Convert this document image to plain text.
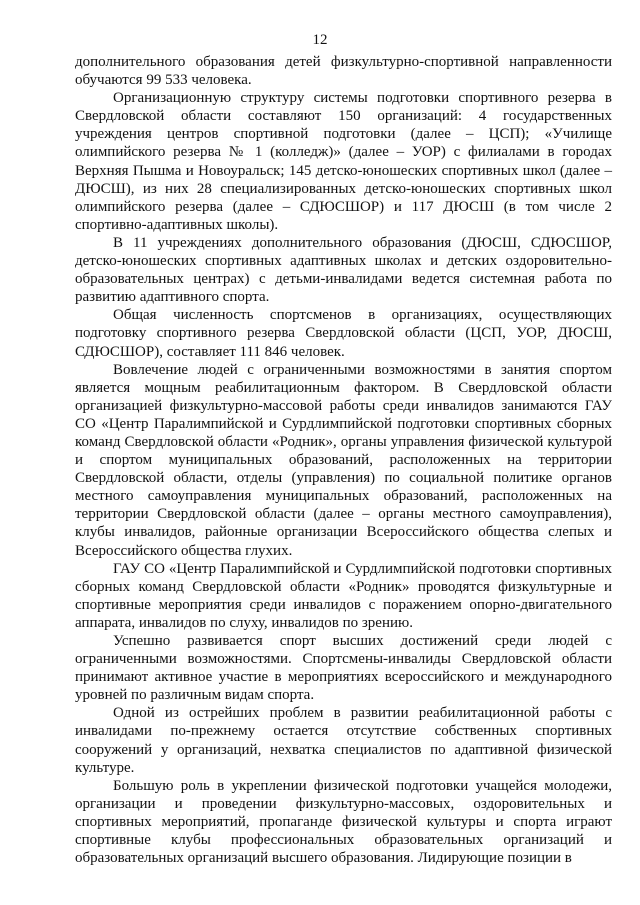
12

дополнительного образования детей физкультурно-спортивной направленности обучаются 99 533 человека.

Организационную структуру системы подготовки спортивного резерва в Свердловской области составляют 150 организаций: 4 государственных учреждения центров спортивной подготовки (далее – ЦСП); «Училище олимпийского резерва № 1 (колледж)» (далее – УОР) с филиалами в городах Верхняя Пышма и Новоуральск; 145 детско-юношеских спортивных школ (далее – ДЮСШ), из них 28 специализированных детско-юношеских спортивных школ олимпийского резерва (далее – СДЮСШОР) и 117 ДЮСШ (в том числе 2 спортивно-адаптивных школы).

В 11 учреждениях дополнительного образования (ДЮСШ, СДЮСШОР, детско-юношеских спортивных адаптивных школах и детских оздоровительно-образовательных центрах) с детьми-инвалидами ведется системная работа по развитию адаптивного спорта.

Общая численность спортсменов в организациях, осуществляющих подготовку спортивного резерва Свердловской области (ЦСП, УОР, ДЮСШ, СДЮСШОР), составляет 111 846 человек.

Вовлечение людей с ограниченными возможностями в занятия спортом является мощным реабилитационным фактором. В Свердловской области организацией физкультурно-массовой работы среди инвалидов занимаются ГАУ СО «Центр Паралимпийской и Сурдлимпийской подготовки спортивных сборных команд Свердловской области «Родник», органы управления физической культурой и спортом муниципальных образований, расположенных на территории Свердловской области, отделы (управления) по социальной политике органов местного самоуправления муниципальных образований, расположенных на территории Свердловской области (далее – органы местного самоуправления), клубы инвалидов, районные организации Всероссийского общества слепых и Всероссийского общества глухих.

ГАУ СО «Центр Паралимпийской и Сурдлимпийской подготовки спортивных сборных команд Свердловской области «Родник» проводятся физкультурные и спортивные мероприятия среди инвалидов с поражением опорно-двигательного аппарата, инвалидов по слуху, инвалидов по зрению.

Успешно развивается спорт высших достижений среди людей с ограниченными возможностями. Спортсмены-инвалиды Свердловской области принимают активное участие в мероприятиях всероссийского и международного уровней по различным видам спорта.

Одной из острейших проблем в развитии реабилитационной работы с инвалидами по-прежнему остается отсутствие собственных спортивных сооружений у организаций, нехватка специалистов по адаптивной физической культуре.

Большую роль в укреплении физической подготовки учащейся молодежи, организации и проведении физкультурно-массовых, оздоровительных и спортивных мероприятий, пропаганде физической культуры и спорта играют спортивные клубы профессиональных образовательных организаций и образовательных организаций высшего образования. Лидирующие позиции в
